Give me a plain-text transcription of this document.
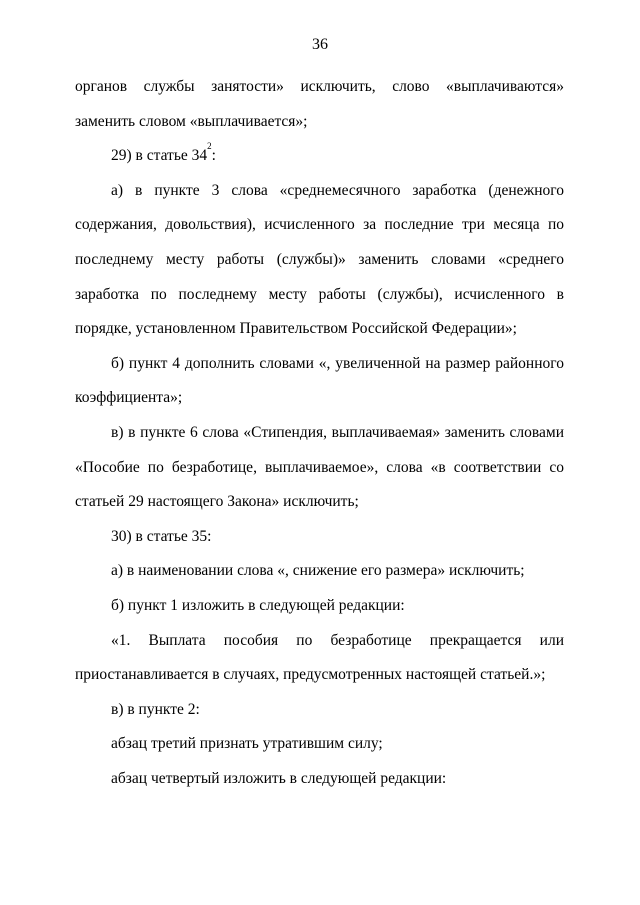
36

органов службы занятости» исключить, слово «выплачиваются» заменить словом «выплачивается»;

29) в статье $34^2$:

а) в пункте 3 слова «среднемесячного заработка (денежного содержания, довольствия), исчисленного за последние три месяца по последнему месту работы (службы)» заменить словами «среднего заработка по последнему месту работы (службы), исчисленного в порядке, установленном Правительством Российской Федерации»;

б) пункт 4 дополнить словами «, увеличенной на размер районного коэффициента»;

в) в пункте 6 слова «Стипендия, выплачиваемая» заменить словами «Пособие по безработице, выплачиваемое», слова «в соответствии со статьей 29 настоящего Закона» исключить;

30) в статье 35:

а) в наименовании слова «, снижение его размера» исключить;

б) пункт 1 изложить в следующей редакции:

«1. Выплата пособия по безработице прекращается или приостанавливается в случаях, предусмотренных настоящей статьей.»;

в) в пункте 2:

абзац третий признать утратившим силу;

абзац четвертый изложить в следующей редакции:
